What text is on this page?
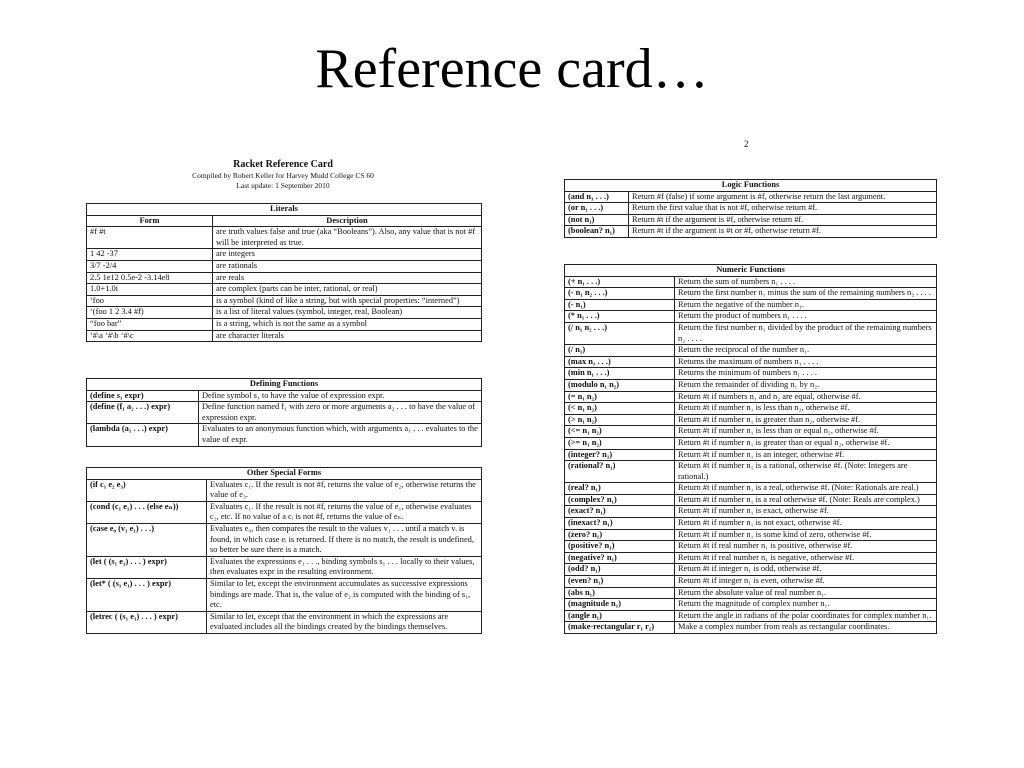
Reference card…
Racket Reference Card
Compiled by Robert Keller for Harvey Mudd College CS 60
Last update: 1 September 2010
2
Literals	
Form	Description
#f #t	are truth values false and true (aka “Booleans”). Also, any value that is not #f will be interpreted as true.
1 42 -37	are integers
3/7 -2/4	are rationals
2.5 1e12 0.5e-2 -3.14e8	are reals
1.0+1.0i	are complex (parts can be inter, rational, or real)
‘foo	is a symbol (kind of like a string, but with special properties: “interned”)
‘(foo 1 2 3.4 #f)	is a list of literal values (symbol, integer, real, Boolean)
“foo bar”	is a string, which is not the same as a symbol
‘#\a ‘#\b ‘#\c	are character literals
Defining Functions	
(define s₁ expr)	Define symbol s₁ to have the value of expression expr.
(define (f₁ a₂ . . .) expr)	Define function named f₁ with zero or more arguments a₂ . . . to have the value of expression expr.
(lambda (a₁ . . .) expr)	Evaluates to an anonymous function which, with arguments a₁ . . . evaluates to the value of expr.
Other Special Forms	
(if c₁ e₂ e₃)	Evaluates c₁. If the result is not #f, returns the value of e₂, otherwise returns the value of e₃.
(cond (c₁ e₁) . . . (else eₙ))	Evaluates c₁. If the result is not #f, returns the value of e₁, otherwise evaluates c₂, etc. If no value of a cᵢ is not #f, returns the value of eₙ.
(case e₀ (v₁ e₁) . . .)	Evaluates e₀, then compares the result to the values v₁ . . . until a match vᵢ is found, in which case eᵢ is returned. If there is no match, the result is undefined, so better be sure there is a match.
(let ( (s₁ e₁) . . . ) expr)	Evaluates the expressions e₁ . . ., binding symbols s₁ . . . locally to their values, then evaluates expr in the resulting environment.
(let* ( (s₁ e₁) . . . ) expr)	Similar to let, except the environment accumulates as successive expressions bindings are made. That is, the value of e₂ is computed with the binding of s₁, etc.
(letrec ( (s₁ e₁) . . . ) expr)	Similar to let, except that the environment in which the expressions are evaluated includes all the bindings created by the bindings themselves.
Logic Functions	
(and n₁ . . .)	Return #f (false) if some argument is #f, otherwise return the last argument.
(or n₁ . . .)	Return the first value that is not #f, otherwise return #f.
(not n₁)	Return #t if the argument is #f, otherwise return #f.
(boolean? n₁)	Return #t if the argument is #t or #f, otherwise return #f.
Numeric Functions	
(+ n₁ . . .)	Return the sum of numbers n₁ . . . .
(- n₁ n₂ . . .)	Return the first number n₁ minus the sum of the remaining numbers n₂ . . . .
(- n₁)	Return the negative of the number n₁.
(* n₁ . . .)	Return the product of numbers n₁ . . . .
(/ n₁ n₂ . . .)	Return the first number n₁ divided by the product of the remaining numbers n₂ . . . .
(/ n₁)	Return the reciprocal of the number n₁.
(max n₁ . . .)	Returns the maximum of numbers n₁ . . . .
(min n₁ . . .)	Returns the minimum of numbers n₁ . . . .
(modulo n₁ n₂)	Return the remainder of dividing n₁ by n₂.
(= n₁ n₂)	Return #t if numbers n₁ and n₂ are equal, otherwise #f.
(< n₁ n₂)	Return #t if number n₁ is less than n₂, otherwise #f.
(> n₁ n₂)	Return #t if number n₁ is greater than n₂, otherwise #f.
(<= n₁ n₂)	Return #t if number n₁ is less than or equal n₂, otherwise #f.
(>= n₁ n₂)	Return #t if number n₁ is greater than or equal n₂, otherwise #f.
(integer? n₁)	Return #t if number n₁ is an integer, otherwise #f.
(rational? n₁)	Return #t if number n₁ is a rational, otherwise #f. (Note: Integers are rational.)
(real? n₁)	Return #t if number n₁ is a real, otherwise #f. (Note: Rationals are real.)
(complex? n₁)	Return #t if number n₁ is a real otherwise #f. (Note: Reals are complex.)
(exact? n₁)	Return #t if number n₁ is exact, otherwise #f.
(inexact? n₁)	Return #t if number n₁ is not exact, otherwise #f.
(zero? n₁)	Return #t if number n₁ is some kind of zero, otherwise #f.
(positive? n₁)	Return #t if real number n₁ is positive, otherwise #f.
(negative? n₁)	Return #t if real number n₁ is negative, otherwise #f.
(odd? n₁)	Return #t if integer n₁ is odd, otherwise #f.
(even? n₁)	Return #t if integer n₁ is even, otherwise #f.
(abs n₁)	Return the absolute value of real number n₁.
(magnitude n₁)	Return the magnitude of complex number n₁.
(angle n₁)	Return the angle in radians of the polar coordinates for complex number n₁.
(make-rectangular r₁ r₂)	Make a complex number from reals as rectangular coordinates.
